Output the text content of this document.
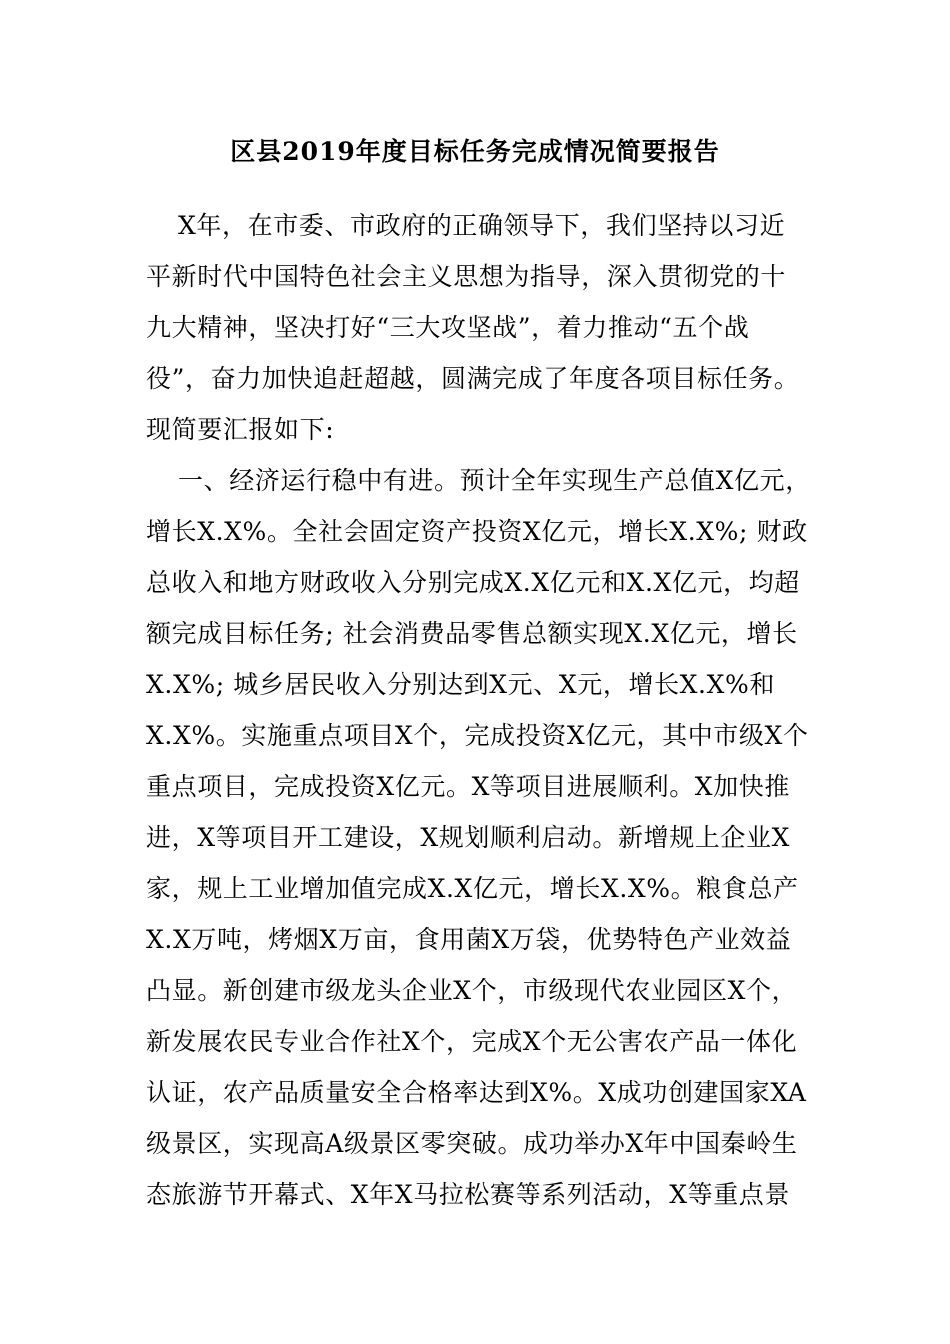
区县2019年度目标任务完成情况简要报告
X年，在市委、市政府的正确领导下，我们坚持以习近
平新时代中国特色社会主义思想为指导，深入贯彻党的十
九大精神，坚决打好“三大攻坚战”，着力推动“五个战
役”，奋力加快追赶超越，圆满完成了年度各项目标任务。
现简要汇报如下:
一、经济运行稳中有进。预计全年实现生产总值X亿元，
增长X.X%。全社会固定资产投资X亿元，增长X.X%; 财政
总收入和地方财政收入分别完成X.X亿元和X.X亿元，均超
额完成目标任务; 社会消费品零售总额实现X.X亿元，增长
X.X%; 城乡居民收入分别达到X元、X元，增长X.X%和
X.X%。实施重点项目X个，完成投资X亿元，其中市级X个
重点项目，完成投资X亿元。X等项目进展顺利。X加快推
进，X等项目开工建设，X规划顺利启动。新增规上企业X
家，规上工业增加值完成X.X亿元，增长X.X%。粮食总产
X.X万吨，烤烟X万亩，食用菌X万袋，优势特色产业效益
凸显。新创建市级龙头企业X个，市级现代农业园区X个，
新发展农民专业合作社X个，完成X个无公害农产品一体化
认证，农产品质量安全合格率达到X%。X成功创建国家XA
级景区，实现高A级景区零突破。成功举办X年中国秦岭生
态旅游节开幕式、X年X马拉松赛等系列活动，X等重点景
